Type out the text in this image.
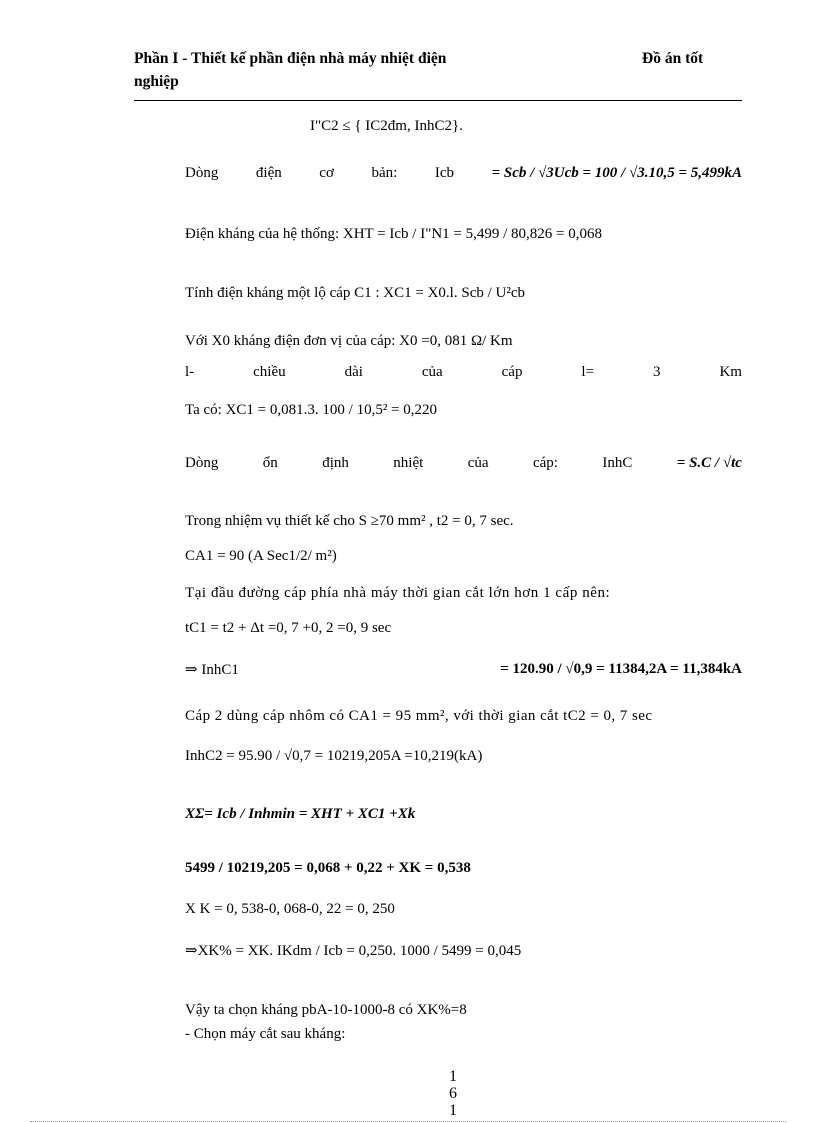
Phần I - Thiết kế phần điện nhà máy nhiệt điện
nghiệp
Đồ án tốt
I"C2 ≤ { IC2đm, InhC2}.
Dòng	điện	cơ	bản:	Icb	= Scb / √3Ucb = 100 / √3.10,5 = 5,499kA
Điện kháng của hệ thống: XHT = Icb / I"N1 = 5,499 / 80,826 = 0,068
Tính điện kháng một lộ cáp C1 : XC1 = X0.l. Scb / U²cb
Với X0 kháng điện đơn vị của cáp: X0 =0, 081 Ω/ Km
l-	chiều	dài	của	cáp	l=	3	Km
Ta có: XC1 = 0,081.3. 100 / 10,5² = 0,220
Dòng	ổn	định	nhiệt	của	cáp:	InhC	= S.C / √tc
Trong nhiệm vụ thiết kế cho S ≥70 mm² , t2 = 0, 7 sec.
CA1 = 90 (A Sec1/2/ m²)
Tại đầu đường cáp phía nhà máy thời gian cắt lớn hơn 1 cấp nên:
tC1 = t2 + Δt =0, 7 +0, 2 =0, 9 sec
⇒ InhC1	= 120.90 / √0,9 = 11384,2A = 11,384kA
Cáp 2 dùng cáp nhôm có CA1 = 95 mm², với thời gian cắt tC2 = 0, 7 sec
InhC2 = 95.90 / √0,7 = 10219,205A =10,219(kA)
XΣ= Icb / Inhmin = XHT + XC1 +Xk
5499 / 10219,205 = 0,068 + 0,22 + XK = 0,538
X K = 0, 538-0, 068-0, 22 = 0, 250
⇒XK% = XK. IKdm / Icb = 0,250. 1000 / 5499 = 0,045
Vậy ta chọn kháng pbA-10-1000-8 có XK%=8
- Chọn máy cắt sau kháng:
1
6
1
